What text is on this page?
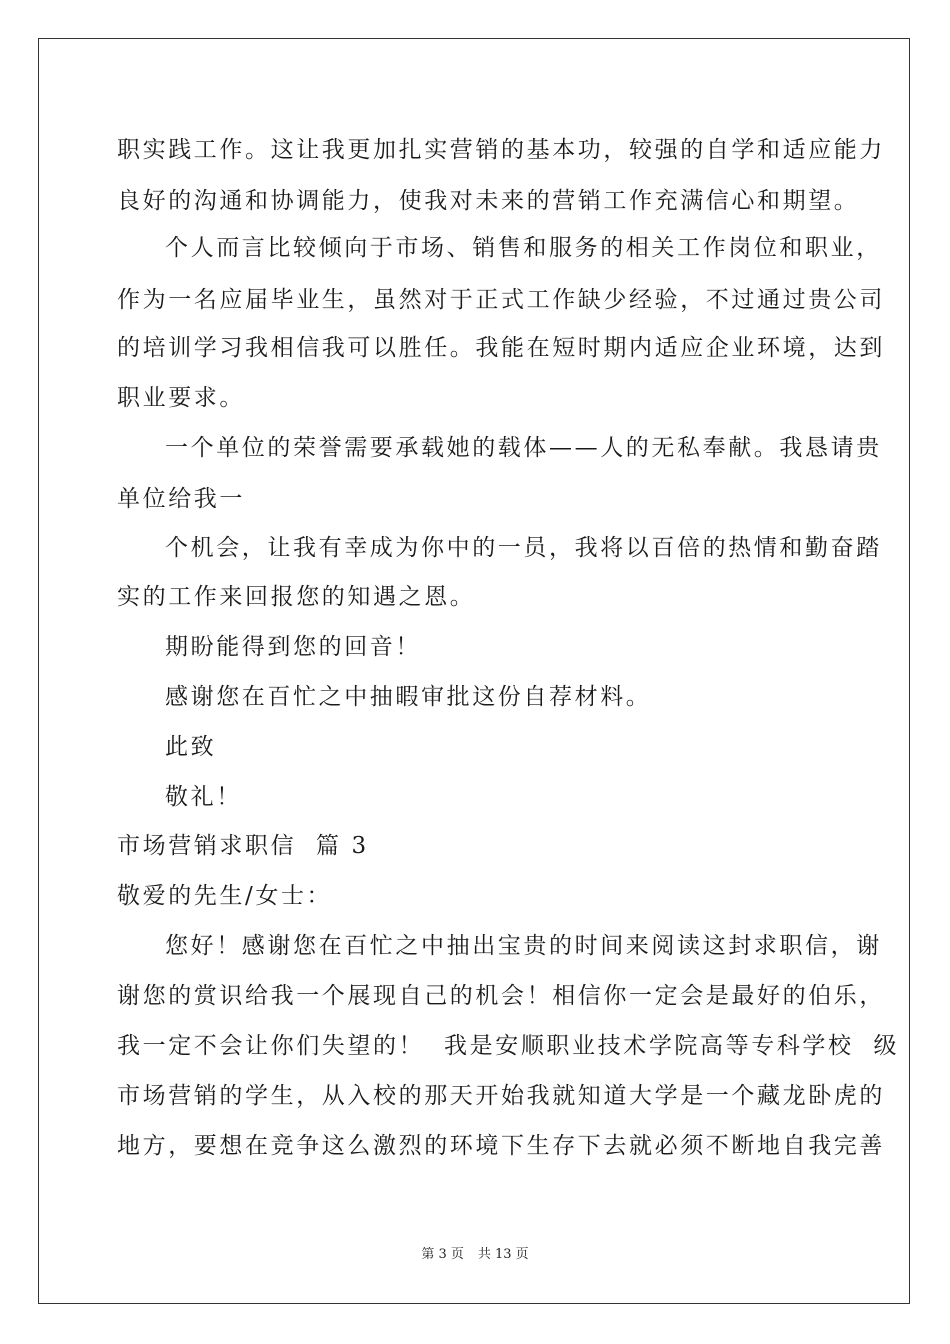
职实践工作。这让我更加扎实营销的基本功，较强的自学和适应能力
良好的沟通和协调能力，使我对未来的营销工作充满信心和期望。
个人而言比较倾向于市场、销售和服务的相关工作岗位和职业，
作为一名应届毕业生，虽然对于正式工作缺少经验，不过通过贵公司
的培训学习我相信我可以胜任。我能在短时期内适应企业环境，达到
职业要求。
一个单位的荣誉需要承载她的载体——人的无私奉献。我恳请贵
单位给我一
个机会，让我有幸成为你中的一员，我将以百倍的热情和勤奋踏
实的工作来回报您的知遇之恩。
期盼能得到您的回音！
感谢您在百忙之中抽暇审批这份自荐材料。
此致
敬礼！
市场营销求职信  篇 3
敬爱的先生/女士：
您好！感谢您在百忙之中抽出宝贵的时间来阅读这封求职信，谢
谢您的赏识给我一个展现自己的机会！相信你一定会是最好的伯乐，
我一定不会让你们失望的！  我是安顺职业技术学院高等专科学校  级
市场营销的学生，从入校的那天开始我就知道大学是一个藏龙卧虎的
地方，要想在竞争这么激烈的环境下生存下去就必须不断地自我完善
第 3 页 共 13 页
